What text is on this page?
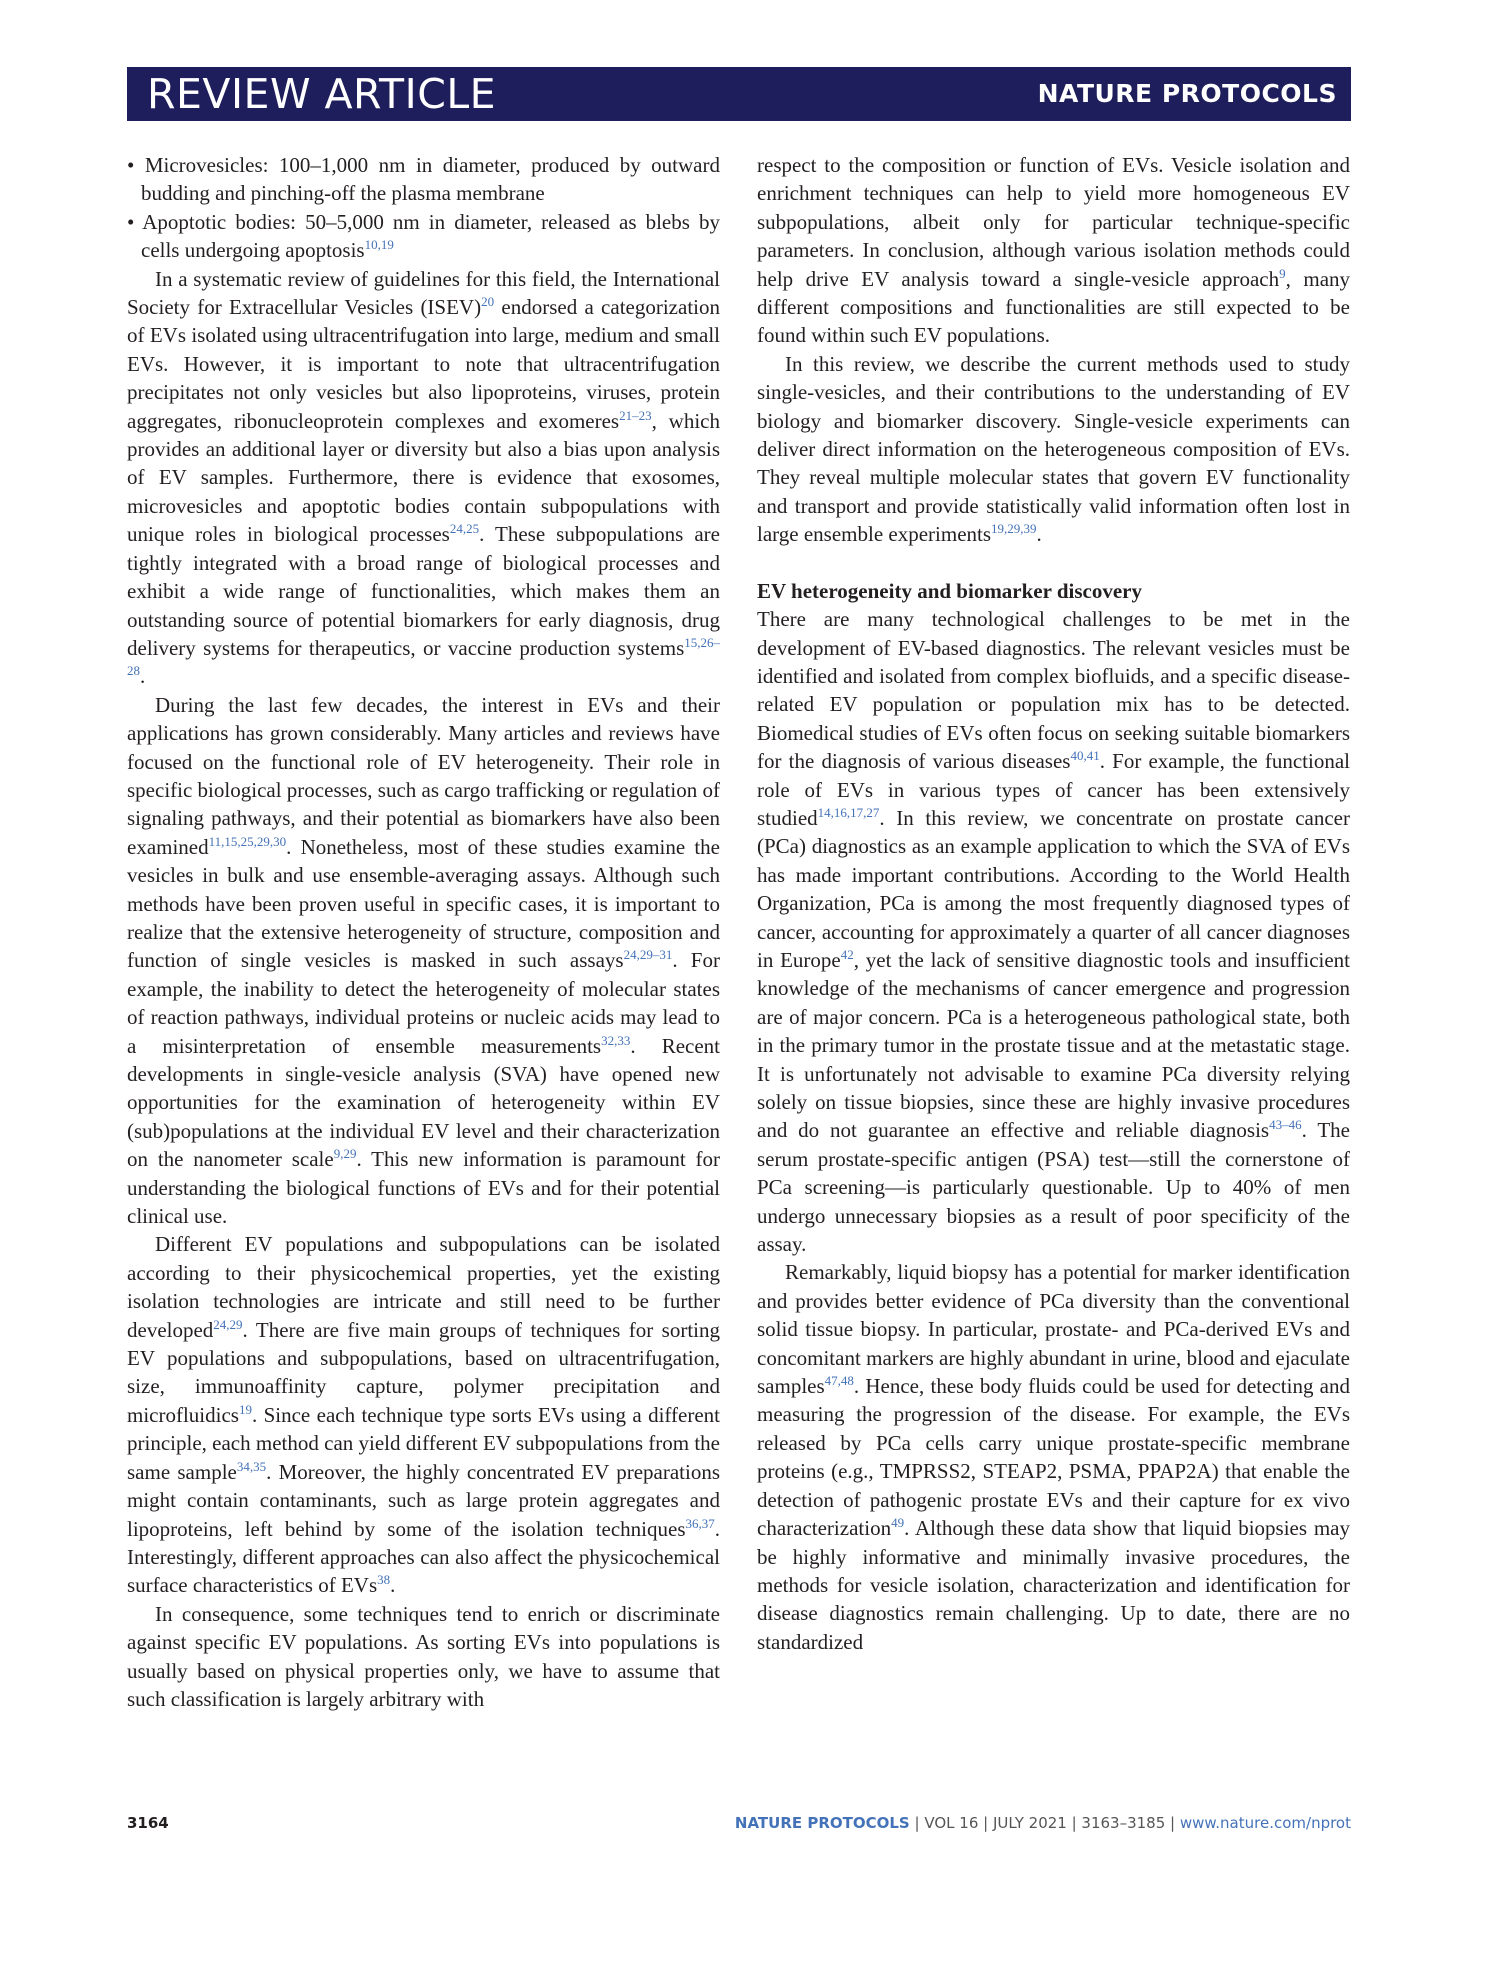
REVIEW ARTICLE	NATURE PROTOCOLS
• Microvesicles: 100–1,000 nm in diameter, produced by outward budding and pinching-off the plasma membrane
• Apoptotic bodies: 50–5,000 nm in diameter, released as blebs by cells undergoing apoptosis$^{10,19}$

In a systematic review of guidelines for this field, the International Society for Extracellular Vesicles (ISEV)$^{20}$ endorsed a categorization of EVs isolated using ultracentrifugation into large, medium and small EVs. However, it is important to note that ultracentrifugation precipitates not only vesicles but also lipoproteins, viruses, protein aggregates, ribonucleoprotein complexes and exomeres$^{21-23}$, which provides an additional layer or diversity but also a bias upon analysis of EV samples. Furthermore, there is evidence that exosomes, microvesicles and apoptotic bodies contain subpopulations with unique roles in biological processes$^{24,25}$. These subpopulations are tightly integrated with a broad range of biological processes and exhibit a wide range of functionalities, which makes them an outstanding source of potential biomarkers for early diagnosis, drug delivery systems for therapeutics, or vaccine production systems$^{15,26-28}$.

During the last few decades, the interest in EVs and their applications has grown considerably. Many articles and reviews have focused on the functional role of EV heterogeneity. Their role in specific biological processes, such as cargo trafficking or regulation of signaling pathways, and their potential as biomarkers have also been examined$^{11,15,25,29,30}$. Nonetheless, most of these studies examine the vesicles in bulk and use ensemble-averaging assays. Although such methods have been proven useful in specific cases, it is important to realize that the extensive heterogeneity of structure, composition and function of single vesicles is masked in such assays$^{24,29-31}$. For example, the inability to detect the heterogeneity of molecular states of reaction pathways, individual proteins or nucleic acids may lead to a misinterpretation of ensemble measurements$^{32,33}$. Recent developments in single-vesicle analysis (SVA) have opened new opportunities for the examination of heterogeneity within EV (sub)populations at the individual EV level and their characterization on the nanometer scale$^{9,29}$. This new information is paramount for understanding the biological functions of EVs and for their potential clinical use.

Different EV populations and subpopulations can be isolated according to their physicochemical properties, yet the existing isolation technologies are intricate and still need to be further developed$^{24,29}$. There are five main groups of techniques for sorting EV populations and subpopulations, based on ultracentrifugation, size, immunoaffinity capture, polymer precipitation and microfluidics$^{19}$. Since each technique type sorts EVs using a different principle, each method can yield different EV subpopulations from the same sample$^{34,35}$. Moreover, the highly concentrated EV preparations might contain contaminants, such as large protein aggregates and lipoproteins, left behind by some of the isolation techniques$^{36,37}$. Interestingly, different approaches can also affect the physicochemical surface characteristics of EVs$^{38}$.

In consequence, some techniques tend to enrich or discriminate against specific EV populations. As sorting EVs into populations is usually based on physical properties only, we have to assume that such classification is largely arbitrary with

respect to the composition or function of EVs. Vesicle isolation and enrichment techniques can help to yield more homogeneous EV subpopulations, albeit only for particular technique-specific parameters. In conclusion, although various isolation methods could help drive EV analysis toward a single-vesicle approach$^9$, many different compositions and functionalities are still expected to be found within such EV populations.

In this review, we describe the current methods used to study single-vesicles, and their contributions to the understanding of EV biology and biomarker discovery. Single-vesicle experiments can deliver direct information on the heterogeneous composition of EVs. They reveal multiple molecular states that govern EV functionality and transport and provide statistically valid information often lost in large ensemble experiments$^{19,29,39}$.

EV heterogeneity and biomarker discovery

There are many technological challenges to be met in the development of EV-based diagnostics. The relevant vesicles must be identified and isolated from complex biofluids, and a specific disease-related EV population or population mix has to be detected. Biomedical studies of EVs often focus on seeking suitable biomarkers for the diagnosis of various diseases$^{40,41}$. For example, the functional role of EVs in various types of cancer has been extensively studied$^{14,16,17,27}$. In this review, we concentrate on prostate cancer (PCa) diagnostics as an example application to which the SVA of EVs has made important contributions. According to the World Health Organization, PCa is among the most frequently diagnosed types of cancer, accounting for approximately a quarter of all cancer diagnoses in Europe$^{42}$, yet the lack of sensitive diagnostic tools and insufficient knowledge of the mechanisms of cancer emergence and progression are of major concern. PCa is a heterogeneous pathological state, both in the primary tumor in the prostate tissue and at the metastatic stage. It is unfortunately not advisable to examine PCa diversity relying solely on tissue biopsies, since these are highly invasive procedures and do not guarantee an effective and reliable diagnosis$^{43-46}$. The serum prostate-specific antigen (PSA) test—still the cornerstone of PCa screening—is particularly questionable. Up to 40% of men undergo unnecessary biopsies as a result of poor specificity of the assay.

Remarkably, liquid biopsy has a potential for marker identification and provides better evidence of PCa diversity than the conventional solid tissue biopsy. In particular, prostate- and PCa-derived EVs and concomitant markers are highly abundant in urine, blood and ejaculate samples$^{47,48}$. Hence, these body fluids could be used for detecting and measuring the progression of the disease. For example, the EVs released by PCa cells carry unique prostate-specific membrane proteins (e.g., TMPRSS2, STEAP2, PSMA, PPAP2A) that enable the detection of pathogenic prostate EVs and their capture for ex vivo characterization$^{49}$. Although these data show that liquid biopsies may be highly informative and minimally invasive procedures, the methods for vesicle isolation, characterization and identification for disease diagnostics remain challenging. Up to date, there are no standardized

3164	NATURE PROTOCOLS | VOL 16 | JULY 2021 | 3163–3185 | www.nature.com/nprot
